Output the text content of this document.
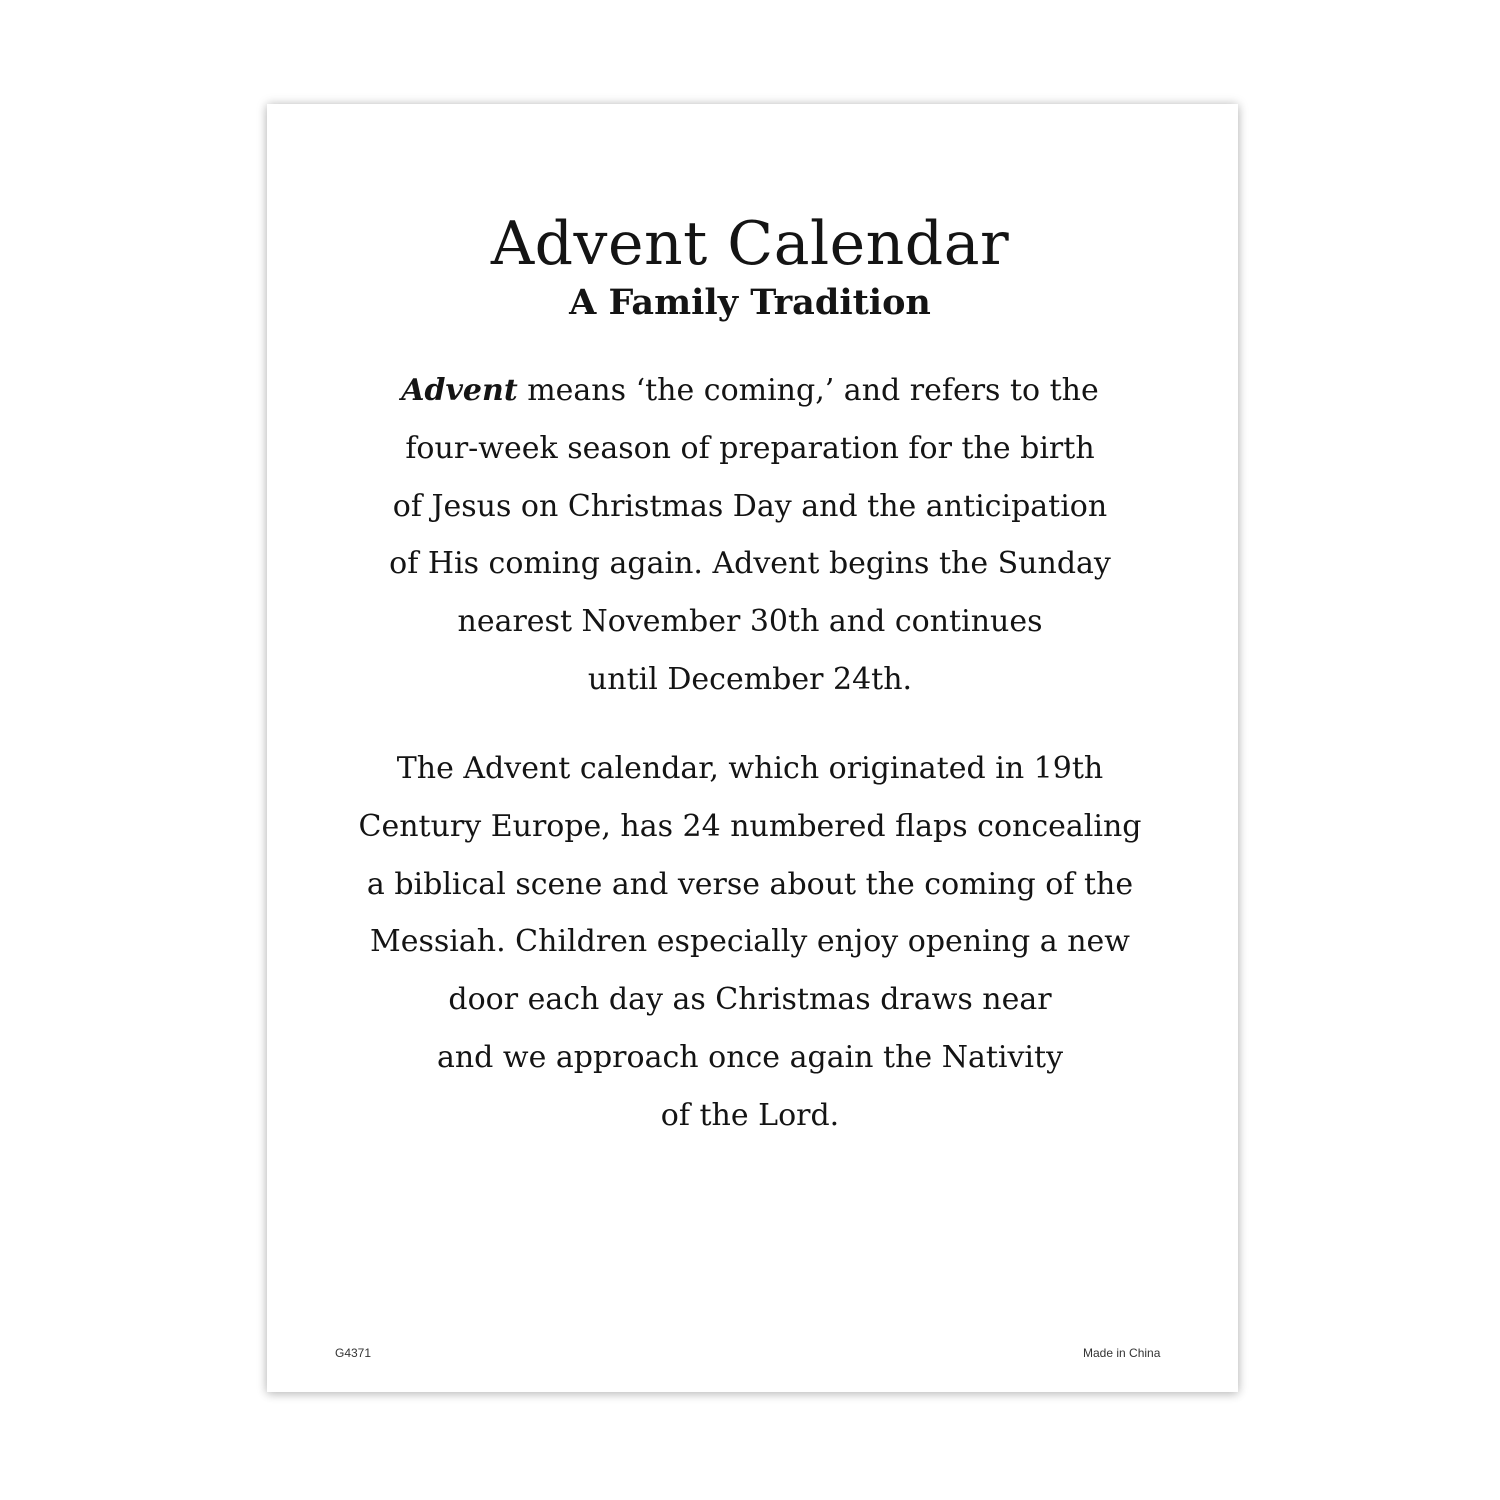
Advent Calendar
A Family Tradition
Advent means ‘the coming,’ and refers to the
four-week season of preparation for the birth
of Jesus on Christmas Day and the anticipation
of His coming again. Advent begins the Sunday
nearest November 30th and continues
until December 24th.
The Advent calendar, which originated in 19th
Century Europe, has 24 numbered flaps concealing
a biblical scene and verse about the coming of the
Messiah. Children especially enjoy opening a new
door each day as Christmas draws near
and we approach once again the Nativity
of the Lord.
G4371	Made in China
